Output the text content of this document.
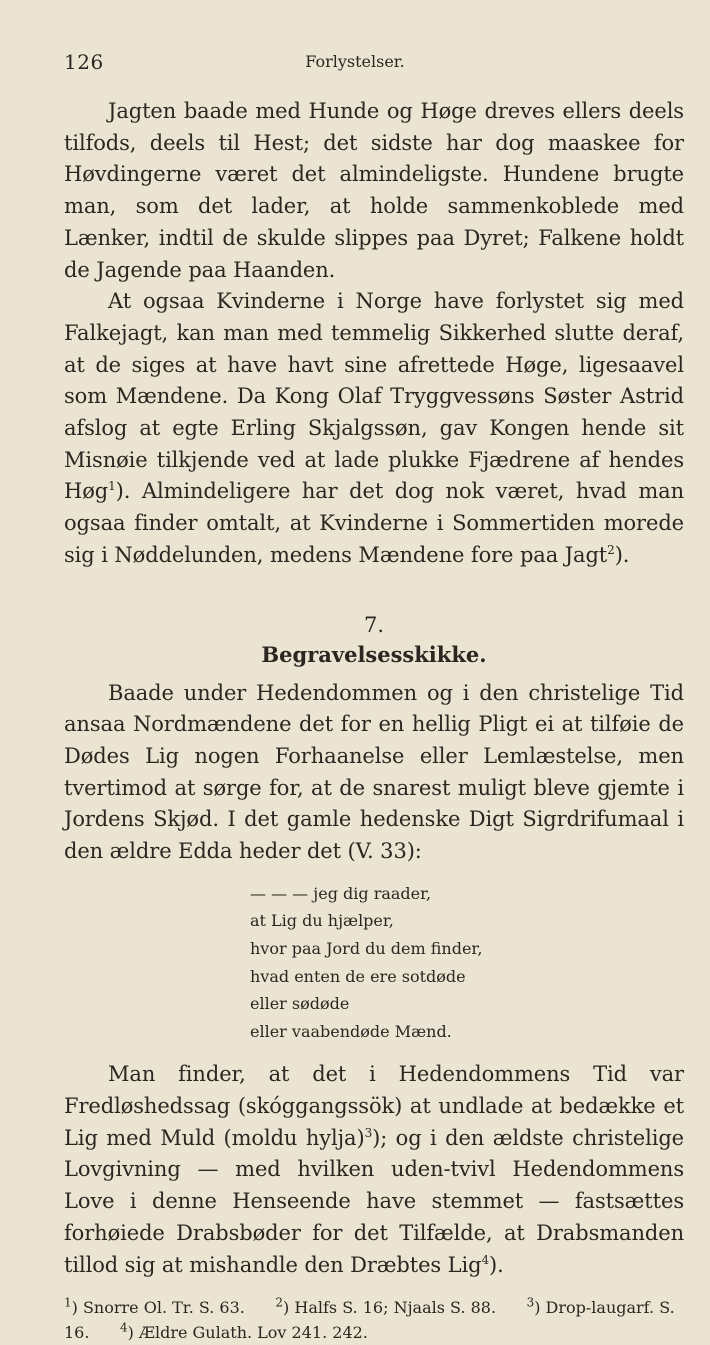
126	Forlystelser.

Jagten baade med Hunde og Høge dreves ellers deels tilfods, deels til Hest; det sidste har dog maaskee for Høvdingerne været det almindeligste. Hundene brugte man, som det lader, at holde sammenkoblede med Lænker, indtil de skulde slippes paa Dyret; Falkene holdt de Jagende paa Haanden.

At ogsaa Kvinderne i Norge have forlystet sig med Falkejagt, kan man med temmelig Sikkerhed slutte deraf, at de siges at have havt sine afrettede Høge, ligesaavel som Mændene. Da Kong Olaf Tryggvessøns Søster Astrid afslog at egte Erling Skjalgssøn, gav Kongen hende sit Misnøie tilkjende ved at lade plukke Fjædrene af hendes Høg$^1$). Almindeligere har det dog nok været, hvad man ogsaa finder omtalt, at Kvinderne i Sommertiden morede sig i Nøddelunden, medens Mændene fore paa Jagt$^2$).

7.
Begravelsesskikke.

Baade under Hedendommen og i den christelige Tid ansaa Nordmændene det for en hellig Pligt ei at tilføie de Dødes Lig nogen Forhaanelse eller Lemlæstelse, men tvertimod at sørge for, at de snarest muligt bleve gjemte i Jordens Skjød. I det gamle hedenske Digt Sigrdrifumaal i den ældre Edda heder det (V. 33):

— — — jeg dig raader,
at Lig du hjælper,
hvor paa Jord du dem finder,
hvad enten de ere sotdøde
eller sødøde
eller vaabendøde Mænd.

Man finder, at det i Hedendommens Tid var Fredløshedssag (skóggangssök) at undlade at bedække et Lig med Muld (moldu hylja)$^3$); og i den ældste christelige Lovgivning — med hvilken uden-tvivl Hedendommens Love i denne Henseende have stemmet — fastsættes forhøiede Drabsbøder for det Tilfælde, at Drabsmanden tillod sig at mishandle den Dræbtes Lig$^4$).

$^1$) Snorre Ol. Tr. S. 63.	$^2$) Halfs S. 16; Njaals S. 88.	$^3$) Drop-laugarf. S. 16.	$^4$) Ældre Gulath. Lov 241. 242.
